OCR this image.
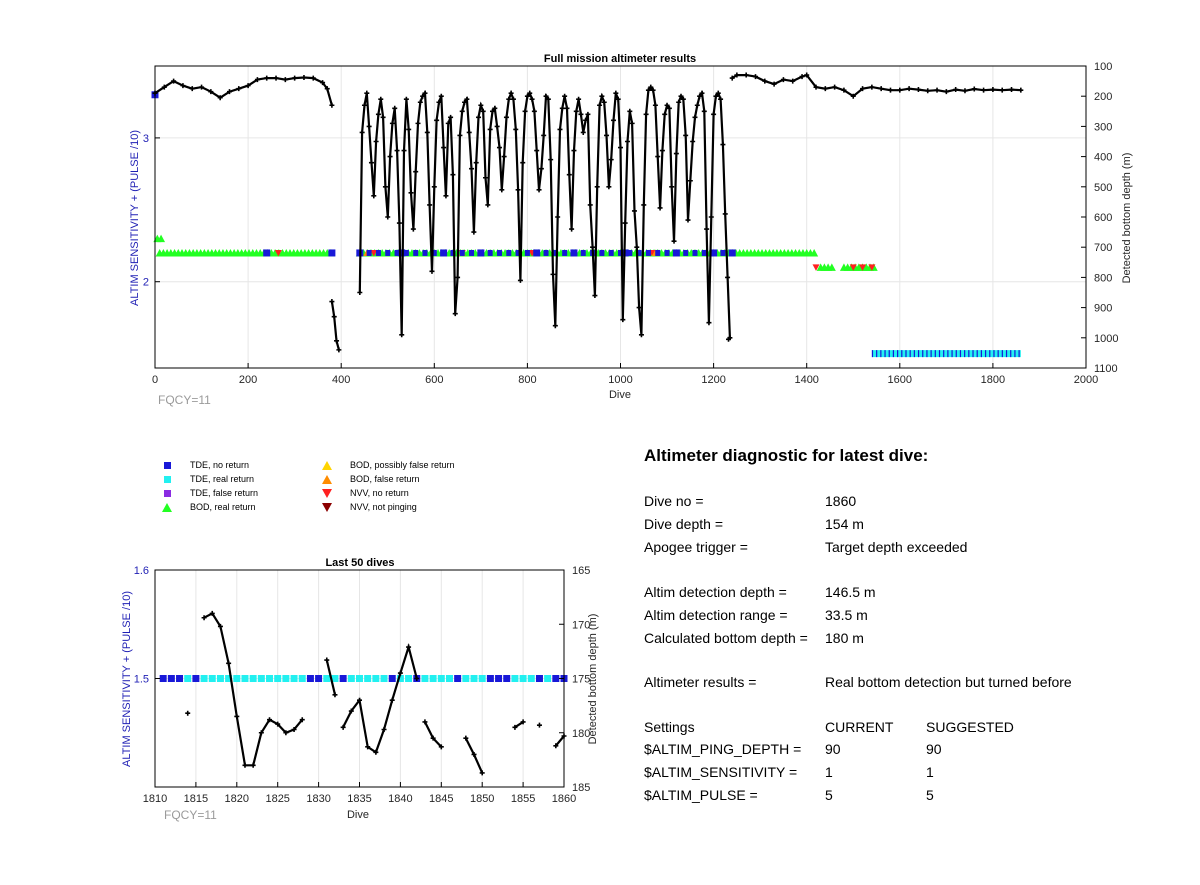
0	200	400	600	800	1000	1200	1400	1600	1800	2000
2
3
100
200
300
400
500
600
700
800
900
1000
1100
Full mission altimeter results
Dive
FQCY=11
ALTIM SENSITIVITY + (PULSE /10)	Detected bottom depth (m)
1810 1815 1820 1825 1830 1835 1840 1845 1850 1855 1860
1.5
1.6	165
170
175
180
185
Last 50 dives
Dive
FQCY=11
ALTIM SENSITIVITY + (PULSE /10)	Detected bottom depth (m)
TDE, no return
TDE, real return
TDE, false return
BOD, real return
BOD, possibly false return
BOD, false return
NVV, no return
NVV, not pinging
Altimeter diagnostic for latest dive:
Dive no =	1860
Dive depth =	154 m
Apogee trigger =	Target depth exceeded
Altim detection depth =	146.5 m
Altim detection range =	33.5 m
Calculated bottom depth = 180 m
Altimeter results =	Real bottom detection but turned before
Settings	CURRENT SUGGESTED
$ALTIM_PING_DEPTH = 90	90
$ALTIM_SENSITIVITY = 1	1
$ALTIM_PULSE =	5	5
